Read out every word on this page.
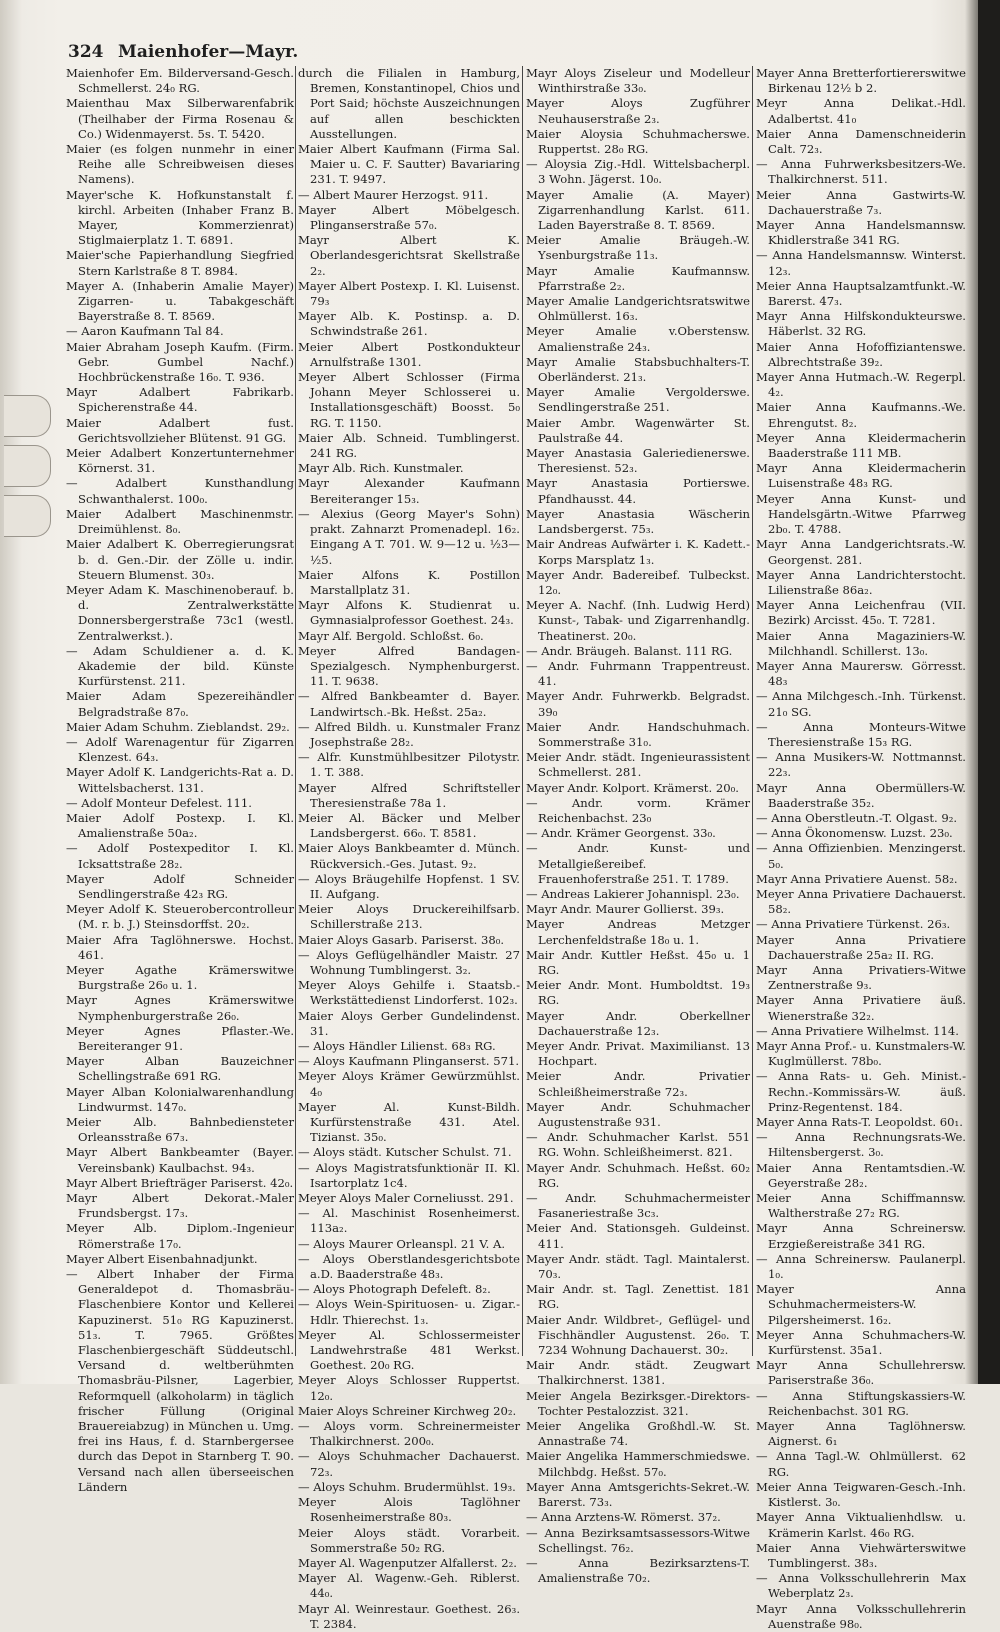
324 Maienhofer—Mayr.

Maienhofer Em. Bilderversand-Gesch. Schmellerst. 24₀ RG.

Maienthau Max Silberwarenfabrik (Theilhaber der Firma Rosenau & Co.) Widenmayerst. 5s. T. 5420.

Maier (es folgen nunmehr in einer Reihe alle Schreibweisen dieses Namens).

Mayer'sche K. Hofkunstanstalt f. kirchl. Arbeiten (Inhaber Franz B. Mayer, Kommerzienrat) Stiglmaierplatz 1. T. 6891.

Maier'sche Papierhandlung Siegfried Stern Karlstraße 8 T. 8984.

Mayer A. (Inhaberin Amalie Mayer) Zigarren- u. Tabakgeschäft Bayerstraße 8. T. 8569.

— Aaron Kaufmann Tal 84.

Maier Abraham Joseph Kaufm. (Firm. Gebr. Gumbel Nachf.) Hochbrückenstraße 16₀. T. 936.

Mayr Adalbert Fabrikarb. Spicherenstraße 44.

Maier Adalbert fust. Gerichtsvollzieher Blütenst. 91 GG.

Meier Adalbert Konzertunternehmer Körnerst. 31.

— Adalbert Kunsthandlung Schwanthalerst. 100₀.

Maier Adalbert Maschinenmstr. Dreimühlenst. 8₀.

Maier Adalbert K. Oberregierungsrat b. d. Gen.-Dir. der Zölle u. indir. Steuern Blumenst. 30₃.

Meyer Adam K. Maschinenoberauf. b. d. Zentralwerkstätte Donnersbergerstraße 73c1 (westl. Zentralwerkst.).

— Adam Schuldiener a. d. K. Akademie der bild. Künste Kurfürstenst. 211.

Maier Adam Spezereihändler Belgradstraße 87₀.

Maier Adam Schuhm. Zieblandst. 29₂.

— Adolf Warenagentur für Zigarren Klenzest. 64₃.

Mayer Adolf K. Landgerichts-Rat a. D. Wittelsbacherst. 131.

— Adolf Monteur Defelest. 111.

Maier Adolf Postexp. I. Kl. Amalienstraße 50a₂.

— Adolf Postexpeditor I. Kl. Icksattstraße 28₂.

Mayer Adolf Schneider Sendlingerstraße 42₃ RG.

Meyer Adolf K. Steuerobercontrolleur (M. r. b. J.) Steinsdorffst. 20₂.

Maier Afra Taglöhnerswe. Hochst. 461.

Meyer Agathe Krämerswitwe Burgstraße 26₀ u. 1.

Mayr Agnes Krämerswitwe Nymphenburgerstraße 26₀.

Meyer Agnes Pflaster.-We. Bereiteranger 91.

Mayer Alban Bauzeichner Schellingstraße 691 RG.

Mayer Alban Kolonialwarenhandlung Lindwurmst. 147₀.

Meier Alb. Bahnbediensteter Orleansstraße 67₃.

Mayr Albert Bankbeamter (Bayer. Vereinsbank) Kaulbachst. 94₃.

Mayr Albert Briefträger Pariserst. 42₀.

Mayr Albert Dekorat.-Maler Frundsbergst. 17₃.

Meyer Alb. Diplom.-Ingenieur Römerstraße 17₀.

Mayer Albert Eisenbahnadjunkt.

— Albert Inhaber der Firma Generaldepot d. Thomasbräu-Flaschenbiere Kontor und Kellerei Kapuzinerst. 51₀ RG Kapuzinerst. 51₃. T. 7965. Größtes Flaschenbiergeschäft Süddeutschl. Versand d. weltberühmten Thomasbräu-Pilsner, Lagerbier, Reformquell (alkoholarm) in täglich frischer Füllung (Original Brauereiabzug) in München u. Umg. frei ins Haus, f. d. Starnbergersee durch das Depot in Starnberg T. 90. Versand nach allen überseeischen Ländern

durch die Filialen in Hamburg, Bremen, Konstantinopel, Chios und Port Said; höchste Auszeichnungen auf allen beschickten Ausstellungen.

Maier Albert Kaufmann (Firma Sal. Maier u. C. F. Sautter) Bavariaring 231. T. 9497.

— Albert Maurer Herzogst. 911.

Mayer Albert Möbelgesch. Plinganserstraße 57₀.

Mayr Albert K. Oberlandesgerichtsrat Skellstraße 2₂.

Mayer Albert Postexp. I. Kl. Luisenst. 79₃

Mayer Alb. K. Postinsp. a. D. Schwindstraße 261.

Meier Albert Postkondukteur Arnulfstraße 1301.

Meyer Albert Schlosser (Firma Johann Meyer Schlosserei u. Installationsgeschäft) Boosst. 5₀ RG. T. 1150.

Maier Alb. Schneid. Tumblingerst. 241 RG.

Mayr Alb. Rich. Kunstmaler.

Mayr Alexander Kaufmann Bereiteranger 15₃.

— Alexius (Georg Mayer's Sohn) prakt. Zahnarzt Promenadepl. 16₂. Eingang A T. 701. W. 9—12 u. ½3—½5.

Maier Alfons K. Postillon Marstallplatz 31.

Mayr Alfons K. Studienrat u. Gymnasialprofessor Goethest. 24₃.

Mayr Alf. Bergold. Schloßst. 6₀.

Meyer Alfred Bandagen-Spezialgesch. Nymphenburgerst. 11. T. 9638.

— Alfred Bankbeamter d. Bayer. Landwirtsch.-Bk. Heßst. 25a₂.

— Alfred Bildh. u. Kunstmaler Franz Josephstraße 28₂.

— Alfr. Kunstmühlbesitzer Pilotystr. 1. T. 388.

Mayer Alfred Schriftsteller Theresienstraße 78a 1.

Meier Al. Bäcker und Melber Landsbergerst. 66₀. T. 8581.

Maier Aloys Bankbeamter d. Münch. Rückversich.-Ges. Jutast. 9₂.

— Aloys Bräugehilfe Hopfenst. 1 SV. II. Aufgang.

Meier Aloys Druckereihilfsarb. Schillerstraße 213.

Maier Aloys Gasarb. Pariserst. 38₀.

— Aloys Geflügelhändler Maistr. 27 Wohnung Tumblingerst. 3₂.

Meyer Aloys Gehilfe i. Staatsb.-Werkstättedienst Lindorferst. 102₃.

Maier Aloys Gerber Gundelindenst. 31.

— Aloys Händler Lilienst. 68₃ RG.

— Aloys Kaufmann Plinganserst. 571.

Meyer Aloys Krämer Gewürzmühlst. 4₀

Mayer Al. Kunst-Bildh. Kurfürstenstraße 431. Atel. Tizianst. 35₀.

— Aloys städt. Kutscher Schulst. 71.

— Aloys Magistratsfunktionär II. Kl. Isartorplatz 1c4.

Meyer Aloys Maler Corneliusst. 291.

— Al. Maschinist Rosenheimerst. 113a₂.

— Aloys Maurer Orleanspl. 21 V. A.

— Aloys Oberstlandesgerichtsbote a.D. Baaderstraße 48₃.

— Aloys Photograph Defeleft. 8₂.

— Aloys Wein-Spirituosen- u. Zigar.-Hdlr. Thierechst. 1₃.

Meyer Al. Schlossermeister Landwehrstraße 481 Werkst. Goethest. 20₀ RG.

Meyer Aloys Schlosser Ruppertst. 12₀.

Maier Aloys Schreiner Kirchweg 20₂.

— Aloys vorm. Schreinermeister Thalkirchnerst. 200₀.

— Aloys Schuhmacher Dachauerst. 72₃.

— Aloys Schuhm. Brudermühlst. 19₃.

Meyer Alois Taglöhner Rosenheimerstraße 80₃.

Meier Aloys städt. Vorarbeit. Sommerstraße 50₂ RG.

Mayer Al. Wagenputzer Alfallerst. 2₂.

Mayer Al. Wagenw.-Geh. Riblerst. 44₀.

Mayr Al. Weinrestaur. Goethest. 26₃. T. 2384.

Mayr Aloys Ziseleur und Modelleur Winthirstraße 33₀.

Mayer Aloys Zugführer Neuhauserstraße 2₃.

Maier Aloysia Schuhmacherswe. Ruppertst. 28₀ RG.

— Aloysia Zig.-Hdl. Wittelsbacherpl. 3 Wohn. Jägerst. 10₀.

Mayer Amalie (A. Mayer) Zigarrenhandlung Karlst. 611. Laden Bayerstraße 8. T. 8569.

Meier Amalie Bräugeh.-W. Ysenburgstraße 11₃.

Mayr Amalie Kaufmannsw. Pfarrstraße 2₂.

Mayer Amalie Landgerichtsratswitwe Ohlmüllerst. 16₃.

Meyer Amalie v.Oberstensw. Amalienstraße 24₃.

Mayr Amalie Stabsbuchhalters-T. Oberländerst. 21₃.

Mayer Amalie Vergolderswe. Sendlingerstraße 251.

Maier Ambr. Wagenwärter St. Paulstraße 44.

Mayer Anastasia Galeriedienerswe. Theresienst. 52₃.

Mayr Anastasia Portierswe. Pfandhausst. 44.

Mayer Anastasia Wäscherin Landsbergerst. 75₃.

Mair Andreas Aufwärter i. K. Kadett.-Korps Marsplatz 1₃.

Mayer Andr. Badereibef. Tulbeckst. 12₀.

Meyer A. Nachf. (Inh. Ludwig Herd) Kunst-, Tabak- und Zigarrenhandlg. Theatinerst. 20₀.

— Andr. Bräugeh. Balanst. 111 RG.

— Andr. Fuhrmann Trappentreust. 41.

Mayer Andr. Fuhrwerkb. Belgradst. 39₀

Maier Andr. Handschuhmach. Sommerstraße 31₀.

Meier Andr. städt. Ingenieurassistent Schmellerst. 281.

Mayer Andr. Kolport. Krämerst. 20₀.

— Andr. vorm. Krämer Reichenbachst. 23₀

— Andr. Krämer Georgenst. 33₀.

— Andr. Kunst- und Metallgießereibef. Frauenhoferstraße 251. T. 1789.

— Andreas Lakierer Johannispl. 23₀.

Mayr Andr. Maurer Gollierst. 39₃.

Mayer Andreas Metzger Lerchenfeldstraße 18₀ u. 1.

Mair Andr. Kuttler Heßst. 45₀ u. 1 RG.

Meier Andr. Mont. Humboldtst. 19₃ RG.

Mayer Andr. Oberkellner Dachauerstraße 12₃.

Meyer Andr. Privat. Maximilianst. 13 Hochpart.

Meier Andr. Privatier Schleißheimerstraße 72₃.

Mayer Andr. Schuhmacher Augustenstraße 931.

— Andr. Schuhmacher Karlst. 551 RG. Wohn. Schleißheimerst. 821.

Mayer Andr. Schuhmach. Heßst. 60₂ RG.

— Andr. Schuhmachermeister Fasaneriestraße 3c₃.

Meier And. Stationsgeh. Guldeinst. 411.

Mayer Andr. städt. Tagl. Maintalerst. 70₃.

Mair Andr. st. Tagl. Zenettist. 181 RG.

Maier Andr. Wildbret-, Geflügel- und Fischhändler Augustenst. 26₀. T. 7234 Wohnung Dachauerst. 30₂.

Mair Andr. städt. Zeugwart Thalkirchnerst. 1381.

Meier Angela Bezirksger.-Direktors-Tochter Pestalozzist. 321.

Meier Angelika Großhdl.-W. St. Annastraße 74.

Maier Angelika Hammerschmiedswe. Milchbdg. Heßst. 57₀.

Mayer Anna Amtsgerichts-Sekret.-W. Barerst. 73₃.

— Anna Arztens-W. Römerst. 37₂.

— Anna Bezirksamtsassessors-Witwe Schellingst. 76₂.

— Anna Bezirksarztens-T. Amalienstraße 70₂.

Mayer Anna Bretterfortiererswitwe Birkenau 12½ b 2.

Meyr Anna Delikat.-Hdl. Adalbertst. 41₀

Maier Anna Damenschneiderin Calt. 72₃.

— Anna Fuhrwerksbesitzers-We. Thalkirchnerst. 511.

Meier Anna Gastwirts-W. Dachauerstraße 7₃.

Mayer Anna Handelsmannsw. Khidlerstraße 341 RG.

— Anna Handelsmannsw. Winterst. 12₃.

Meier Anna Hauptsalzamtfunkt.-W. Barerst. 47₃.

Mayr Anna Hilfskondukteurswe. Häberlst. 32 RG.

Maier Anna Hofoffiziantenswe. Albrechtstraße 39₂.

Mayer Anna Hutmach.-W. Regerpl. 4₂.

Maier Anna Kaufmanns.-We. Ehrengutst. 8₂.

Meyer Anna Kleidermacherin Baaderstraße 111 MB.

Mayr Anna Kleidermacherin Luisenstraße 48₃ RG.

Meyer Anna Kunst- und Handelsgärtn.-Witwe Pfarrweg 2b₀. T. 4788.

Mayr Anna Landgerichtsrats.-W. Georgenst. 281.

Mayer Anna Landrichterstocht. Lilienstraße 86a₂.

Mayer Anna Leichenfrau (VII. Bezirk) Arcisst. 45₀. T. 7281.

Maier Anna Magaziniers-W. Milchhandl. Schillerst. 13₀.

Mayer Anna Maurersw. Görresst. 48₃

— Anna Milchgesch.-Inh. Türkenst. 21₀ SG.

— Anna Monteurs-Witwe Theresienstraße 15₃ RG.

— Anna Musikers-W. Nottmannst. 22₃.

Mayr Anna Obermüllers-W. Baaderstraße 35₂.

— Anna Oberstleutn.-T. Olgast. 9₂.

— Anna Ökonomensw. Luzst. 23₀.

— Anna Offizienbien. Menzingerst. 5₀.

Mayr Anna Privatiere Auenst. 58₂.

Meyer Anna Privatiere Dachauerst. 58₂.

— Anna Privatiere Türkenst. 26₃.

Mayer Anna Privatiere Dachauerstraße 25a₂ II. RG.

Mayr Anna Privatiers-Witwe Zentnerstraße 9₃.

Mayer Anna Privatiere äuß. Wienerstraße 32₂.

— Anna Privatiere Wilhelmst. 114.

Mayr Anna Prof.- u. Kunstmalers-W. Kuglmüllerst. 78b₀.

— Anna Rats- u. Geh. Minist.-Rechn.-Kommissärs-W. äuß. Prinz-Regentenst. 184.

Mayer Anna Rats-T. Leopoldst. 60₁.

— Anna Rechnungsrats-We. Hiltensbergerst. 3₀.

Maier Anna Rentamtsdien.-W. Geyerstraße 28₂.

Meier Anna Schiffmannsw. Waltherstraße 27₂ RG.

Mayr Anna Schreinersw. Erzgießereistraße 341 RG.

— Anna Schreinersw. Paulanerpl. 1₀.

Mayer Anna Schuhmachermeisters-W. Pilgersheimerst. 16₂.

Meyer Anna Schuhmachers-W. Kurfürstenst. 35a1.

Mayr Anna Schullehrersw. Pariserstraße 36₀.

— Anna Stiftungskassiers-W. Reichenbachst. 301 RG.

Mayer Anna Taglöhnersw. Aignerst. 6₁

— Anna Tagl.-W. Ohlmüllerst. 62 RG.

Meier Anna Teigwaren-Gesch.-Inh. Kistlerst. 3₀.

Mayer Anna Viktualienhdlsw. u. Krämerin Karlst. 46₀ RG.

Maier Anna Viehwärterswitwe Tumblingerst. 38₃.

— Anna Volksschullehrerin Max Weberplatz 2₃.

Mayr Anna Volksschullehrerin Auenstraße 98₀.
